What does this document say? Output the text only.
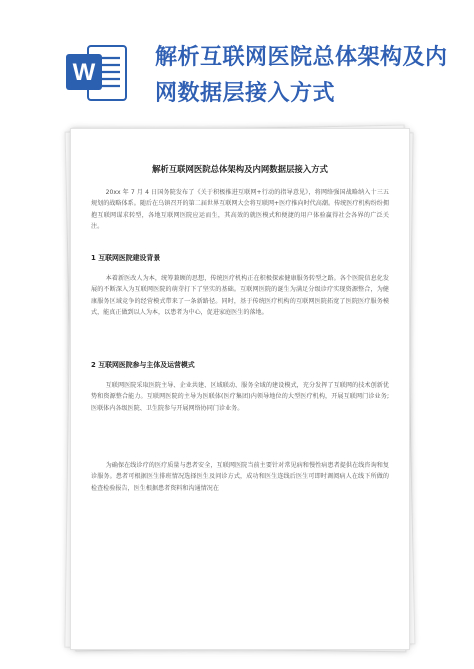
W
解析互联网医院总体架构及内
网数据层接入方式
解析互联网医院总体架构及内网数据层接入方式
20xx 年 7 月 4 日国务院发布了《关于积极推进互联网+行动的指导意见》，将网络强国战略纳入十三五规划的战略体系。随后在乌镇召开的第二届世界互联网大会将互联网+医疗推向时代高潮。传统医疗机构纷纷拥抱互联网谋求转型，各地互联网医院应运而生，其高效的就医模式和便捷的用户体验赢得社会各界的广泛关注。
1 互联网医院建设背景
本着新医改人为本，统筹兼顾的思想，传统医疗机构正在积极探索健康服务转型之路。各个医院信息化发展的不断深入为互联网医院的萌芽打下了坚实的基础。互联网医院的诞生为满足分级诊疗实现资源整合，为健康服务区域竞争的经营模式带来了一条新路径。同时，基于传统医疗机构的互联网医院拓宽了医院医疗服务模式，能真正做到以人为本，以患者为中心，促进家庭医生的落地。
2 互联网医院参与主体及运营模式
互联网医院采取医院主导、企业共建、区域联动、服务全域的建设模式，充分发挥了互联网的技术创新优势和资源整合能力。互联网医院的主导为医联体(医疗集团)内领导地位的大型医疗机构，开展互联网门诊业务;医联体内各级医院、卫生院参与开展网络协同门诊业务。
为确保在线诊疗的医疗质量与患者安全，互联网医院当前主要针对常见病和慢性病患者提供在线咨询和复诊服务。患者可根据医生排班情况选择医生及问诊方式，成功和医生连线后医生可即时调阅病人在线下所做的检查检验报告，医生根据患者资料和沟通情况在
